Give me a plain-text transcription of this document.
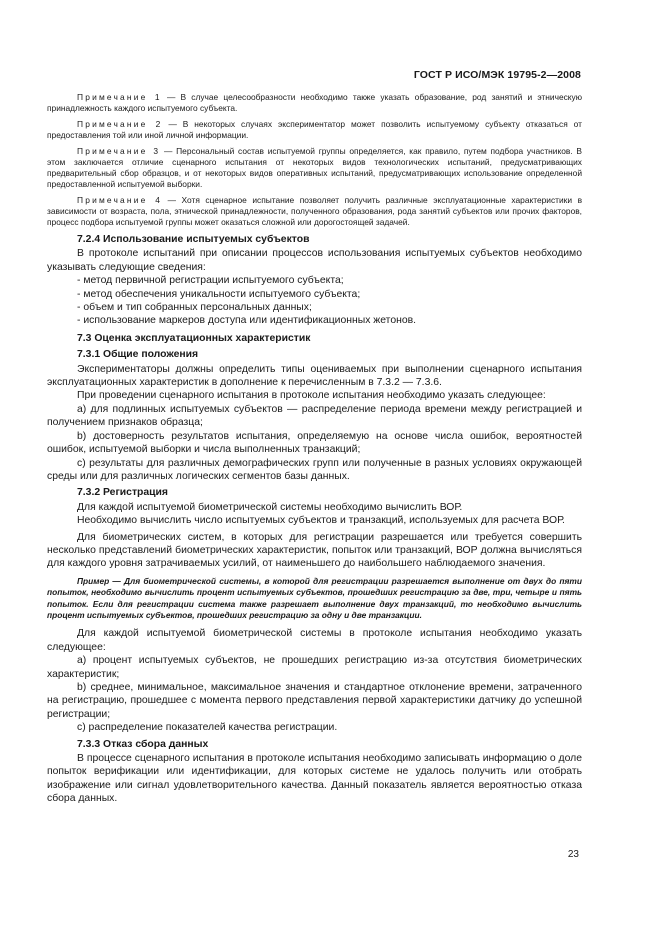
ГОСТ Р ИСО/МЭК 19795-2—2008

Примечание 1 — В случае целесообразности необходимо также указать образование, род занятий и этническую принадлежность каждого испытуемого субъекта.

Примечание 2 — В некоторых случаях экспериментатор может позволить испытуемому субъекту отказаться от предоставления той или иной личной информации.

Примечание 3 — Персональный состав испытуемой группы определяется, как правило, путем подбора участников. В этом заключается отличие сценарного испытания от некоторых видов технологических испытаний, предусматривающих предварительный сбор образцов, и от некоторых видов оперативных испытаний, предусматривающих использование определенной предоставленной испытуемой выборки.

Примечание 4 — Хотя сценарное испытание позволяет получить различные эксплуатационные характеристики в зависимости от возраста, пола, этнической принадлежности, полученного образования, рода занятий субъектов или прочих факторов, процесс подбора испытуемой группы может оказаться сложной или дорогостоящей задачей.

7.2.4 Использование испытуемых субъектов

В протоколе испытаний при описании процессов использования испытуемых субъектов необходимо указывать следующие сведения:

- метод первичной регистрации испытуемого субъекта;

- метод обеспечения уникальности испытуемого субъекта;

- объем и тип собранных персональных данных;

- использование маркеров доступа или идентификационных жетонов.

7.3 Оценка эксплуатационных характеристик
7.3.1 Общие положения

Экспериментаторы должны определить типы оцениваемых при выполнении сценарного испытания эксплуатационных характеристик в дополнение к перечисленным в 7.3.2 — 7.3.6.

При проведении сценарного испытания в протоколе испытания необходимо указать следующее:

а) для подлинных испытуемых субъектов — распределение периода времени между регистрацией и получением признаков образца;

b) достоверность результатов испытания, определяемую на основе числа ошибок, вероятностей ошибок, испытуемой выборки и числа выполненных транзакций;

с) результаты для различных демографических групп или полученные в разных условиях окружающей среды или для различных логических сегментов базы данных.

7.3.2 Регистрация

Для каждой испытуемой биометрической системы необходимо вычислить ВОР.

Необходимо вычислить число испытуемых субъектов и транзакций, используемых для расчета ВОР.

Для биометрических систем, в которых для регистрации разрешается или требуется совершить несколько представлений биометрических характеристик, попыток или транзакций, ВОР должна вычисляться для каждого уровня затрачиваемых усилий, от наименьшего до наибольшего наблюдаемого значения.

Пример — Для биометрической системы, в которой для регистрации разрешается выполнение от двух до пяти попыток, необходимо вычислить процент испытуемых субъектов, прошедших регистрацию за две, три, четыре и пять попыток. Если для регистрации система также разрешает выполнение двух транзакций, то необходимо вычислить процент испытуемых субъектов, прошедших регистрацию за одну и две транзакции.

Для каждой испытуемой биометрической системы в протоколе испытания необходимо указать следующее:

а) процент испытуемых субъектов, не прошедших регистрацию из-за отсутствия биометрических характеристик;

b) среднее, минимальное, максимальное значения и стандартное отклонение времени, затраченного на регистрацию, прошедшее с момента первого представления первой характеристики датчику до успешной регистрации;

с) распределение показателей качества регистрации.

7.3.3 Отказ сбора данных

В процессе сценарного испытания в протоколе испытания необходимо записывать информацию о доле попыток верификации или идентификации, для которых системе не удалось получить или отобрать изображение или сигнал удовлетворительного качества. Данный показатель является вероятностью отказа сбора данных.

23
